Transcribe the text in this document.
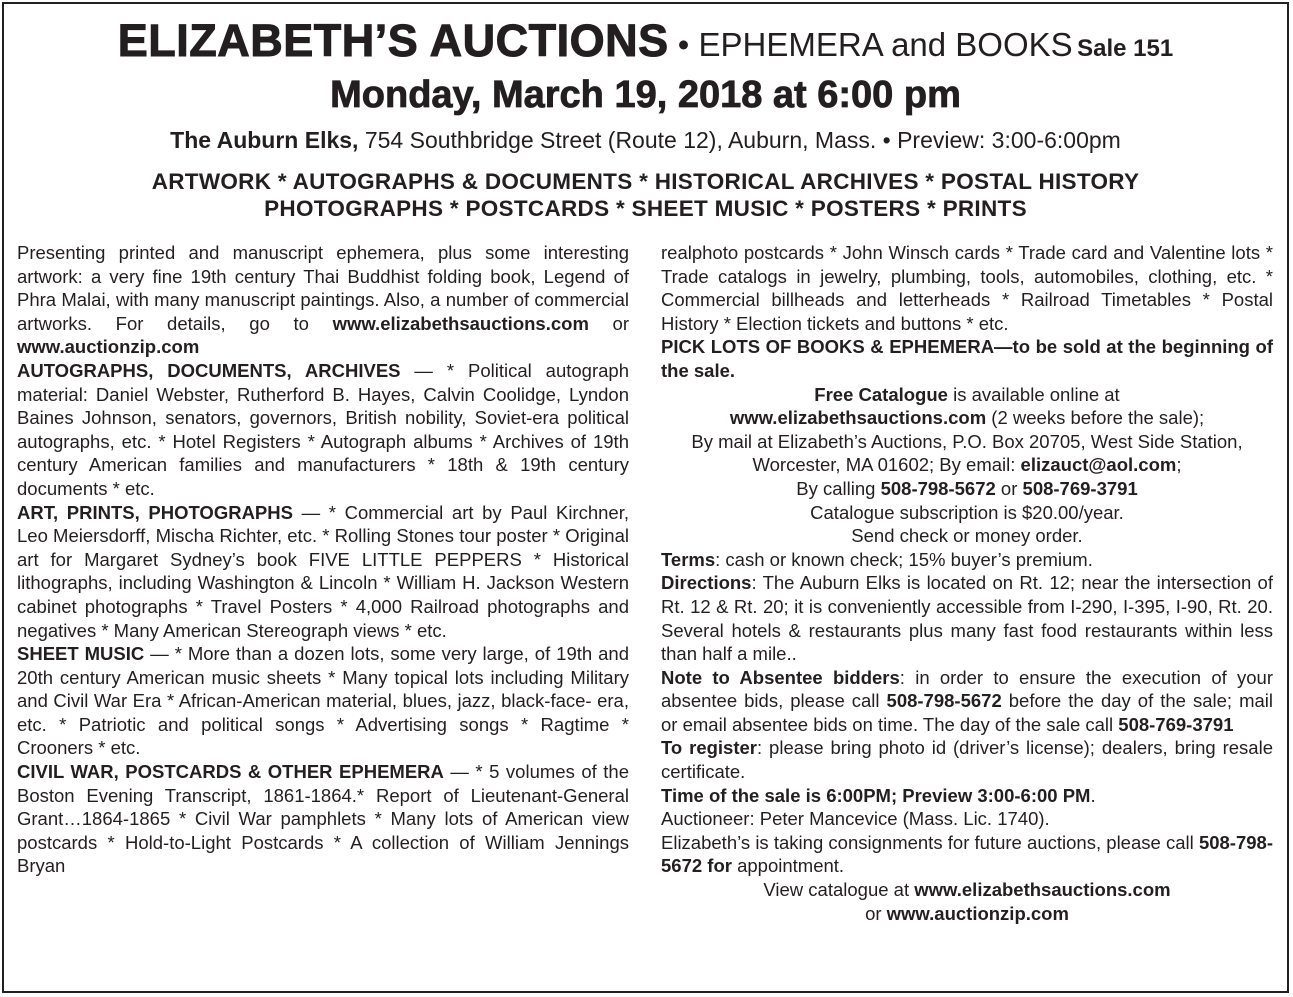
ELIZABETH’S AUCTIONS • EPHEMERA and BOOKS Sale 151
Monday, March 19, 2018 at 6:00 pm
The Auburn Elks, 754 Southbridge Street (Route 12), Auburn, Mass. • Preview: 3:00-6:00pm
ARTWORK * AUTOGRAPHS & DOCUMENTS * HISTORICAL ARCHIVES * POSTAL HISTORY
PHOTOGRAPHS * POSTCARDS * SHEET MUSIC * POSTERS * PRINTS

Presenting printed and manuscript ephemera, plus some interesting artwork: a very fine 19th century Thai Buddhist folding book, Legend of Phra Malai, with many manuscript paintings. Also, a number of commercial artworks. For details, go to www.elizabethsauctions.com or www.auctionzip.com

AUTOGRAPHS, DOCUMENTS, ARCHIVES — * Political autograph material: Daniel Webster, Rutherford B. Hayes, Calvin Coolidge, Lyndon Baines Johnson, senators, governors, British nobility, Soviet-era political autographs, etc. * Hotel Registers * Autograph albums * Archives of 19th century American families and manufacturers * 18th & 19th century documents * etc.

ART, PRINTS, PHOTOGRAPHS — * Commercial art by Paul Kirchner, Leo Meiersdorff, Mischa Richter, etc. * Rolling Stones tour poster * Original art for Margaret Sydney’s book FIVE LITTLE PEPPERS * Historical lithographs, including Washington & Lincoln * William H. Jackson Western cabinet photographs * Travel Posters * 4,000 Railroad photographs and negatives * Many American Stereograph views * etc.

SHEET MUSIC — * More than a dozen lots, some very large, of 19th and 20th century American music sheets * Many topical lots including Military and Civil War Era * African-American material, blues, jazz, black-face- era, etc. * Patriotic and political songs * Advertising songs * Ragtime * Crooners * etc.

CIVIL WAR, POSTCARDS & OTHER EPHEMERA — * 5 volumes of the Boston Evening Transcript, 1861-1864.* Report of Lieutenant-General Grant…1864-1865 * Civil War pamphlets * Many lots of American view postcards * Hold-to-Light Postcards * A collection of William Jennings Bryan

realphoto postcards * John Winsch cards * Trade card and Valentine lots * Trade catalogs in jewelry, plumbing, tools, automobiles, clothing, etc. * Commercial billheads and letterheads * Railroad Timetables * Postal History * Election tickets and buttons * etc.

PICK LOTS OF BOOKS & EPHEMERA—to be sold at the beginning of the sale.

Free Catalogue is available online at

www.elizabethsauctions.com (2 weeks before the sale);

By mail at Elizabeth’s Auctions, P.O. Box 20705, West Side Station, Worcester, MA 01602; By email: elizauct@aol.com;

By calling 508-798-5672 or 508-769-3791

Catalogue subscription is $20.00/year.

Send check or money order.

Terms: cash or known check; 15% buyer’s premium.

Directions: The Auburn Elks is located on Rt. 12; near the intersection of Rt. 12 & Rt. 20; it is conveniently accessible from I-290, I-395, I-90, Rt. 20. Several hotels & restaurants plus many fast food restaurants within less than half a mile..

Note to Absentee bidders: in order to ensure the execution of your absentee bids, please call 508-798-5672 before the day of the sale; mail or email absentee bids on time. The day of the sale call 508-769-3791

To register: please bring photo id (driver’s license); dealers, bring resale certificate.

Time of the sale is 6:00PM; Preview 3:00-6:00 PM.

Auctioneer: Peter Mancevice (Mass. Lic. 1740).

Elizabeth’s is taking consignments for future auctions, please call 508-798-5672 for appointment.

View catalogue at www.elizabethsauctions.com

or www.auctionzip.com
